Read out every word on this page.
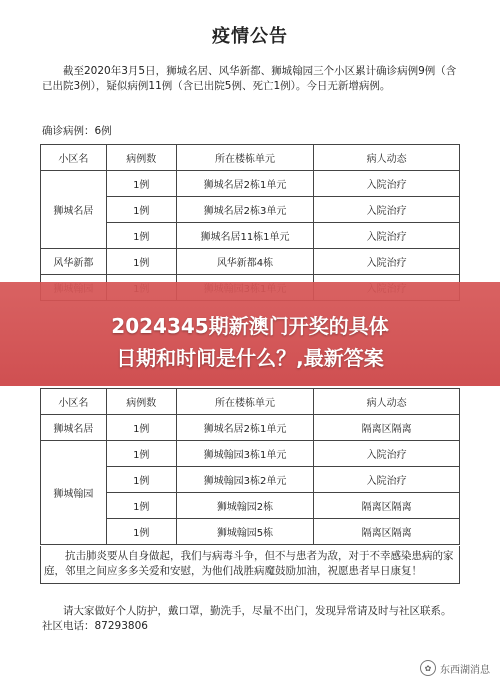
疫情公告
截至2020年3月5日，狮城名居、风华新都、狮城翰园三个小区累计确诊病例9例（含已出院3例），疑似病例11例（含已出院5例、死亡1例）。今日无新增病例。
确诊病例：6例
小区名	病例数	所在楼栋单元	病人动态
狮城名居	1例	狮城名居2栋1单元	入院治疗
	1例	狮城名居2栋3单元	入院治疗
	1例	狮城名居11栋1单元	入院治疗
风华新都	1例	风华新都4栋	入院治疗

小区名	病例数	所在楼栋单元	病人动态
狮城名居	1例	狮城名居2栋1单元	隔离区隔离
狮城翰园	1例	狮城翰园3栋1单元	入院治疗
	1例	狮城翰园3栋2单元	入院治疗
	1例	狮城翰园2栋	隔离区隔离
	1例	狮城翰园5栋	隔离区隔离
抗击肺炎要从自身做起，我们与病毒斗争，但不与患者为敌，对于不幸感染患病的家庭，邻里之间应多多关爱和安慰，为他们战胜病魔鼓励加油，祝愿患者早日康复！
请大家做好个人防护，戴口罩，勤洗手，尽量不出门，发现异常请及时与社区联系。社区电话：87293806
2024345期新澳门开奖的具体
日期和时间是什么？,最新答案
✿ 东西湖消息
